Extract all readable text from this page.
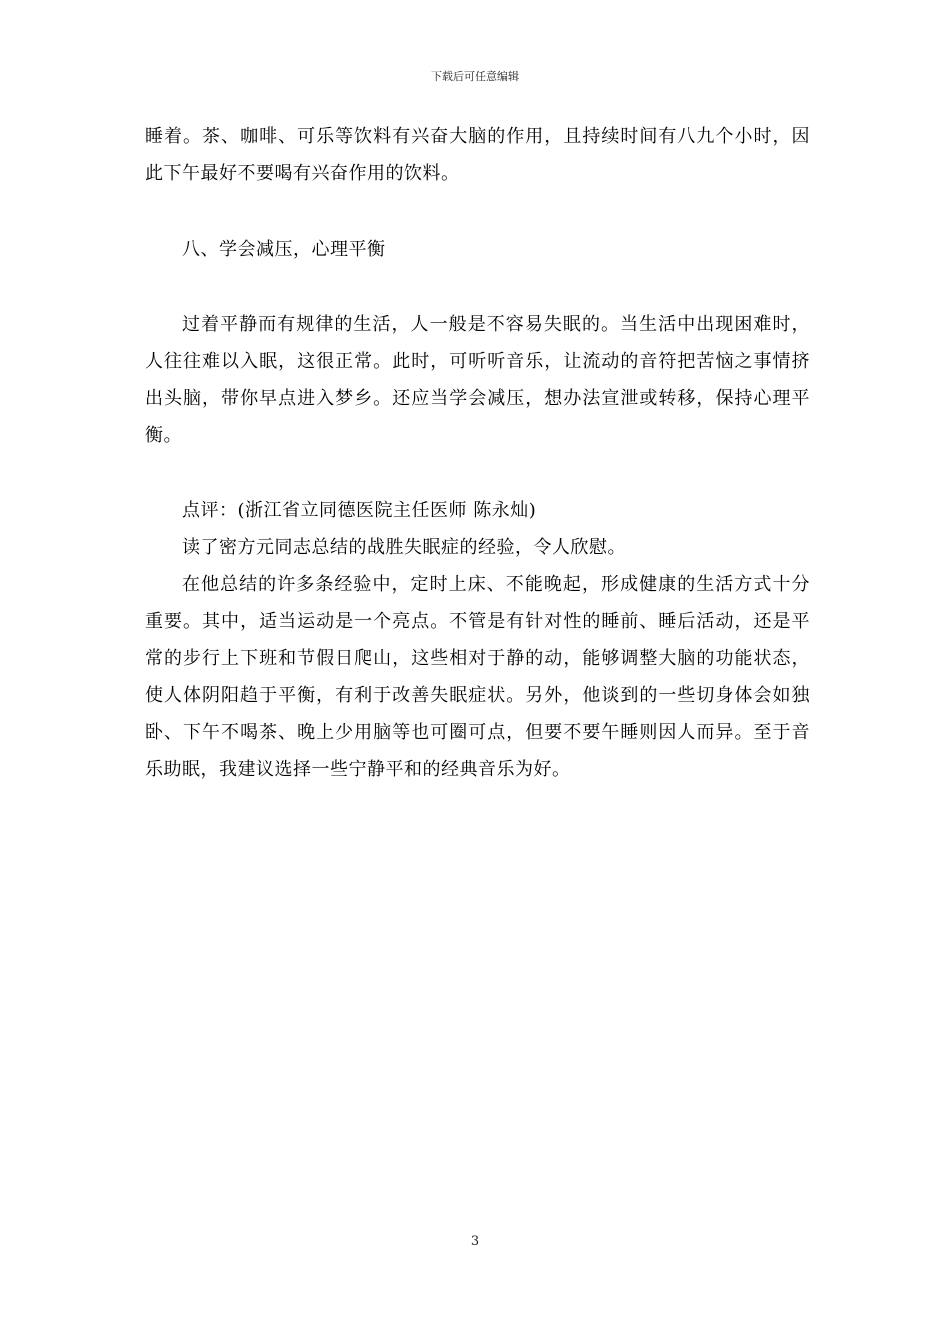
下载后可任意编辑

睡着。茶、咖啡、可乐等饮料有兴奋大脑的作用，且持续时间有八九个小时，因此下午最好不要喝有兴奋作用的饮料。

八、学会减压，心理平衡

过着平静而有规律的生活，人一般是不容易失眠的。当生活中出现困难时，人往往难以入眠，这很正常。此时，可听听音乐，让流动的音符把苦恼之事情挤出头脑，带你早点进入梦乡。还应当学会减压，想办法宣泄或转移，保持心理平衡。

点评：(浙江省立同德医院主任医师 陈永灿)

读了密方元同志总结的战胜失眠症的经验，令人欣慰。

在他总结的许多条经验中，定时上床、不能晚起，形成健康的生活方式十分重要。其中，适当运动是一个亮点。不管是有针对性的睡前、睡后活动，还是平常的步行上下班和节假日爬山，这些相对于静的动，能够调整大脑的功能状态，使人体阴阳趋于平衡，有利于改善失眠症状。另外，他谈到的一些切身体会如独卧、下午不喝茶、晚上少用脑等也可圈可点，但要不要午睡则因人而异。至于音乐助眠，我建议选择一些宁静平和的经典音乐为好。

3
